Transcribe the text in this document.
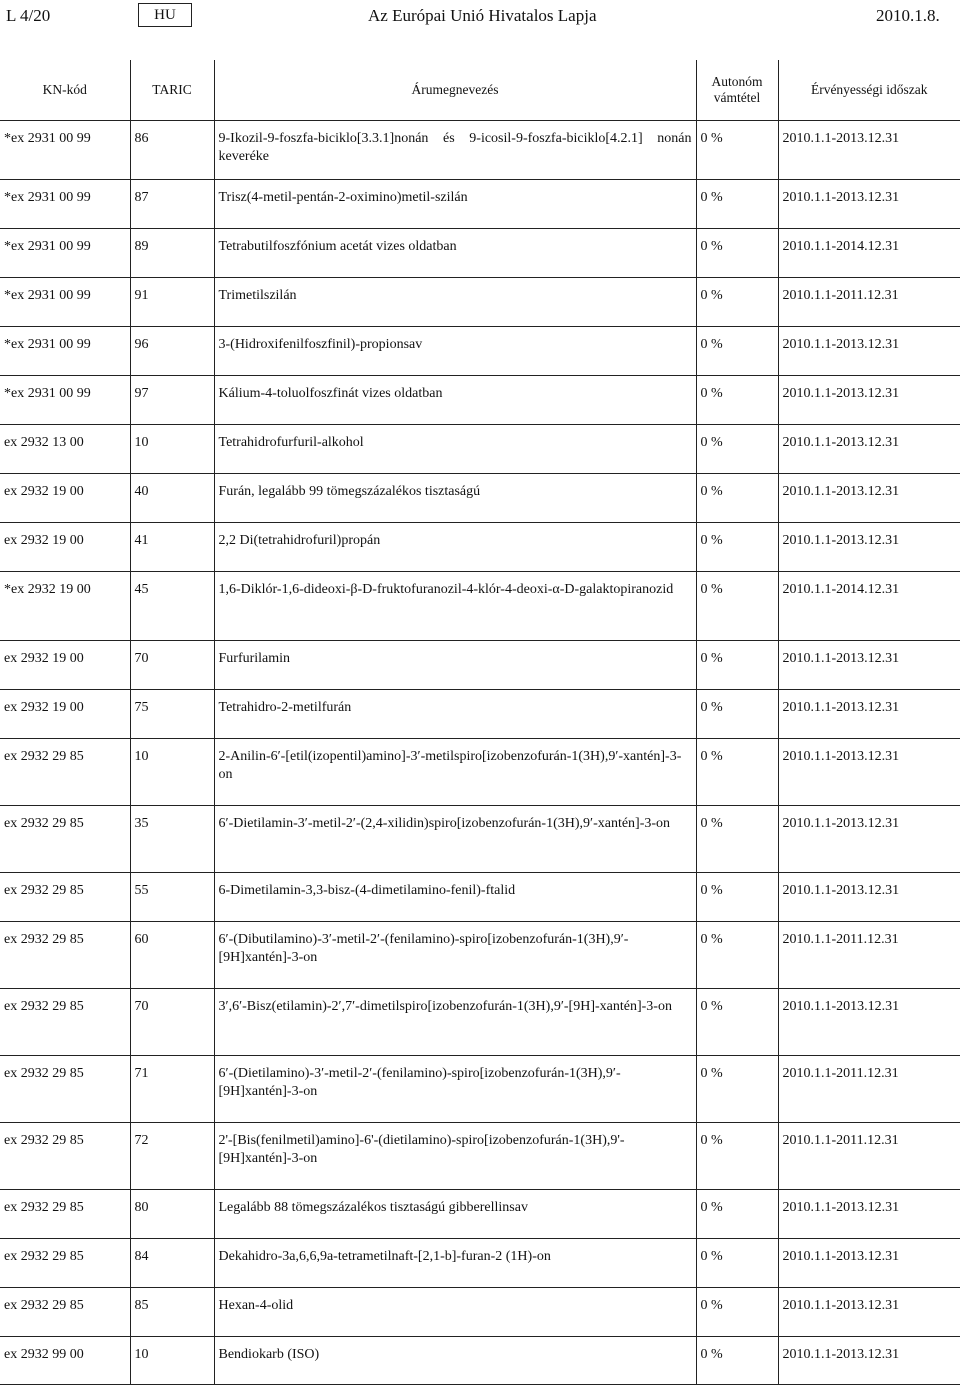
L 4/20	HU	Az Európai Unió Hivatalos Lapja	2010.1.8.
KN-kód	TARIC	Árumegnevezés	Autonóm vámtétel	Érvényességi időszak
*ex 2931 00 99	86	9-Ikozil-9-foszfa-biciklo[3.3.1]nonán és 9-icosil-9-foszfa-biciklo[4.2.1] nonán keveréke	0 %	2010.1.1-2013.12.31
*ex 2931 00 99	87	Trisz(4-metil-pentán-2-oximino)metil-szilán	0 %	2010.1.1-2013.12.31
*ex 2931 00 99	89	Tetrabutilfoszfónium acetát vizes oldatban	0 %	2010.1.1-2014.12.31
*ex 2931 00 99	91	Trimetilszilán	0 %	2010.1.1-2011.12.31
*ex 2931 00 99	96	3-(Hidroxifenilfoszfinil)-propionsav	0 %	2010.1.1-2013.12.31
*ex 2931 00 99	97	Kálium-4-toluolfoszfinát vizes oldatban	0 %	2010.1.1-2013.12.31
ex 2932 13 00	10	Tetrahidrofurfuril-alkohol	0 %	2010.1.1-2013.12.31
ex 2932 19 00	40	Furán, legalább 99 tömegszázalékos tisztaságú	0 %	2010.1.1-2013.12.31
ex 2932 19 00	41	2,2 Di(tetrahidrofuril)propán	0 %	2010.1.1-2013.12.31
*ex 2932 19 00	45	1,6-Diklór-1,6-dideoxi-β-D-fruktofuranozil-4-klór-4-deoxi-α-D-galaktopiranozid	0 %	2010.1.1-2014.12.31
ex 2932 19 00	70	Furfurilamin	0 %	2010.1.1-2013.12.31
ex 2932 19 00	75	Tetrahidro-2-metilfurán	0 %	2010.1.1-2013.12.31
ex 2932 29 85	10	2-Anilin-6′-[etil(izopentil)amino]-3′-metilspiro[izobenzofurán-1(3H),9′-xantén]-3-on	0 %	2010.1.1-2013.12.31
ex 2932 29 85	35	6′-Dietilamin-3′-metil-2′-(2,4-xilidin)spiro[izobenzofurán-1(3H),9′-xantén]-3-on	0 %	2010.1.1-2013.12.31
ex 2932 29 85	55	6-Dimetilamin-3,3-bisz-(4-dimetilamino-fenil)-ftalid	0 %	2010.1.1-2013.12.31
ex 2932 29 85	60	6′-(Dibutilamino)-3′-metil-2′-(fenilamino)-spiro[izobenzofurán-1(3H),9′-[9H]xantén]-3-on	0 %	2010.1.1-2011.12.31
ex 2932 29 85	70	3′,6′-Bisz(etilamin)-2′,7′-dimetilspiro[izobenzofurán-1(3H),9′-[9H]-xantén]-3-on	0 %	2010.1.1-2013.12.31
ex 2932 29 85	71	6′-(Dietilamino)-3′-metil-2′-(fenilamino)-spiro[izobenzofurán-1(3H),9′-[9H]xantén]-3-on	0 %	2010.1.1-2011.12.31
ex 2932 29 85	72	2'-[Bis(fenilmetil)amino]-6'-(dietilamino)-spiro[izobenzofurán-1(3H),9'-[9H]xantén]-3-on	0 %	2010.1.1-2011.12.31
ex 2932 29 85	80	Legalább 88 tömegszázalékos tisztaságú gibberellinsav	0 %	2010.1.1-2013.12.31
ex 2932 29 85	84	Dekahidro-3a,6,6,9a-tetrametilnaft-[2,1-b]-furan-2 (1H)-on	0 %	2010.1.1-2013.12.31
ex 2932 29 85	85	Hexan-4-olid	0 %	2010.1.1-2013.12.31
ex 2932 99 00	10	Bendiokarb (ISO)	0 %	2010.1.1-2013.12.31
